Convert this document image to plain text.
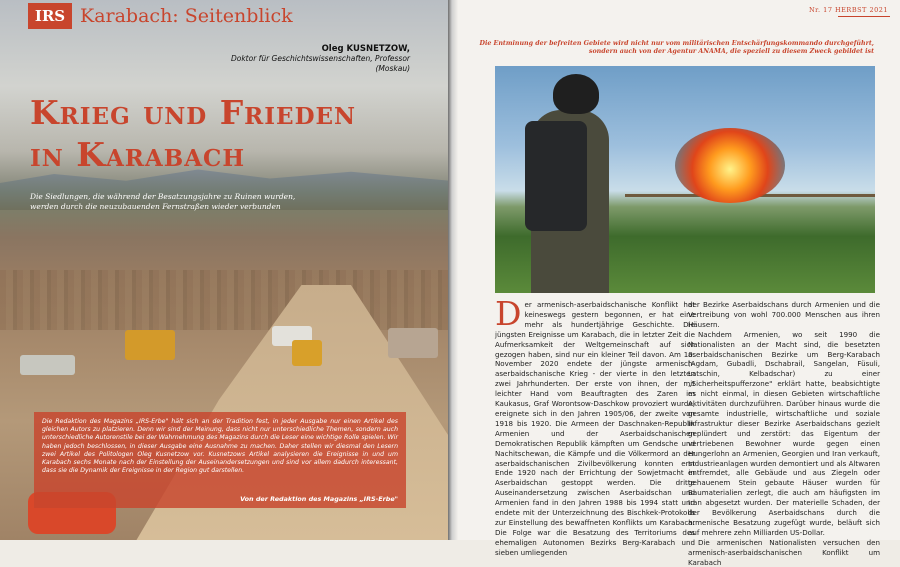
IRS Karabach: Seitenblick
Oleg KUSNETZOW,
Doktor für Geschichtswissenschaften, Professor
(Moskau)
Krieg und Frieden
in Karabach
Die Siedlungen, die während der Besatzungsjahre zu Ruinen wurden,
werden durch die neuzubauenden Fernstraßen wieder verbunden

Die Redaktion des Magazins „IRS-Erbe" hält sich an der Tradition fest, in jeder Ausgabe nur einen Artikel des gleichen Autors zu platzieren. Denn wir sind der Meinung, dass nicht nur unterschiedliche Themen, sondern auch unterschiedliche Autorenstile bei der Wahrnehmung des Magazins durch die Leser eine wichtige Rolle spielen. Wir haben jedoch beschlossen, in dieser Ausgabe eine Ausnahme zu machen. Daher stellen wir diesmal den Lesern zwei Artikel des Politologen Oleg Kusnetzow vor. Kusnetzows Artikel analysieren die Ereignisse in und um Karabach sechs Monate nach der Einstellung der Auseinandersetzungen und sind vor allem dadurch interessant, dass sie die Dynamik der Ereignisse in der Region gut darstellen.

Von der Redaktion des Magazins „IRS-Erbe"
Nr. 17 HERBST 2021
Die Entminung der befreiten Gebiete wird nicht nur vom militärischen Entschärfungskommando durchgeführt,
sondern auch von der Agentur ANAMA, die speziell zu diesem Zweck gebildet ist

Der armenisch-aserbaidschanische Konflikt hat keineswegs gestern begonnen, er hat eine mehr als hundertjährige Geschichte. Die jüngsten Ereignisse um Karabach, die in letzter Zeit die Aufmerksamkeit der Weltgemeinschaft auf sich gezogen haben, sind nur ein kleiner Teil davon. Am 10. November 2020 endete der jüngste armenisch-aserbaidschanische Krieg - der vierte in den letzten zwei Jahrhunderten. Der erste von ihnen, der mit leichter Hand vom Beauftragten des Zaren im Kaukasus, Graf Worontsow-Daschkow provoziert wurde, ereignete sich in den Jahren 1905/06, der zweite von 1918 bis 1920. Die Armeen der Daschnaken-Republik Armenien und der Aserbaidschanischen Demokratischen Republik kämpften um Gendsche und Nachitschewan, die Kämpfe und die Völkermord an der aserbaidschanischen Zivilbevölkerung konnten erst Ende 1920 nach der Errichtung der Sowjetmacht in Aserbaidschan gestoppt werden. Die dritte Auseinandersetzung zwischen Aserbaidschan und Armenien fand in den Jahren 1988 bis 1994 statt und endete mit der Unterzeichnung des Bischkek-Protokolls zur Einstellung des bewaffneten Konflikts um Karabach. Die Folge war die Besatzung des Territoriums des ehemaligen Autonomen Bezirks Berg-Karabach und sieben umliegenden

der Bezirke Aserbaidschans durch Armenien und die Vertreibung von wohl 700.000 Menschen aus ihren Häusern.

Nachdem Armenien, wo seit 1990 die Nationalisten an der Macht sind, die besetzten aserbaidschanischen Bezirke um Berg-Karabach (Agdam, Gubadli, Dschabrail, Sangelan, Füsuli, Latschin, Kelbadschar) zu einer „Sicherheitspufferzone" erklärt hatte, beabsichtigte es nicht einmal, in diesen Gebieten wirtschaftliche Aktivitäten durchzuführen. Darüber hinaus wurde die gesamte industrielle, wirtschaftliche und soziale Infrastruktur dieser Bezirke Aserbaidschans gezielt geplündert und zerstört: das Eigentum der vertriebenen Bewohner wurde gegen einen Hungerlohn an Armenien, Georgien und Iran verkauft, Industrieanlagen wurden demontiert und als Altwaren entfremdet, alle Gebäude und aus Ziegeln oder gehauenem Stein gebaute Häuser wurden für Baumaterialien zerlegt, die auch am häufigsten im Iran abgesetzt wurden. Der materielle Schaden, der der Bevölkerung Aserbaidschans durch die armenische Besatzung zugefügt wurde, beläuft sich auf mehrere zehn Milliarden US-Dollar.

Die armenischen Nationalisten versuchen den armenisch-aserbaidschanischen Konflikt um Karabach
